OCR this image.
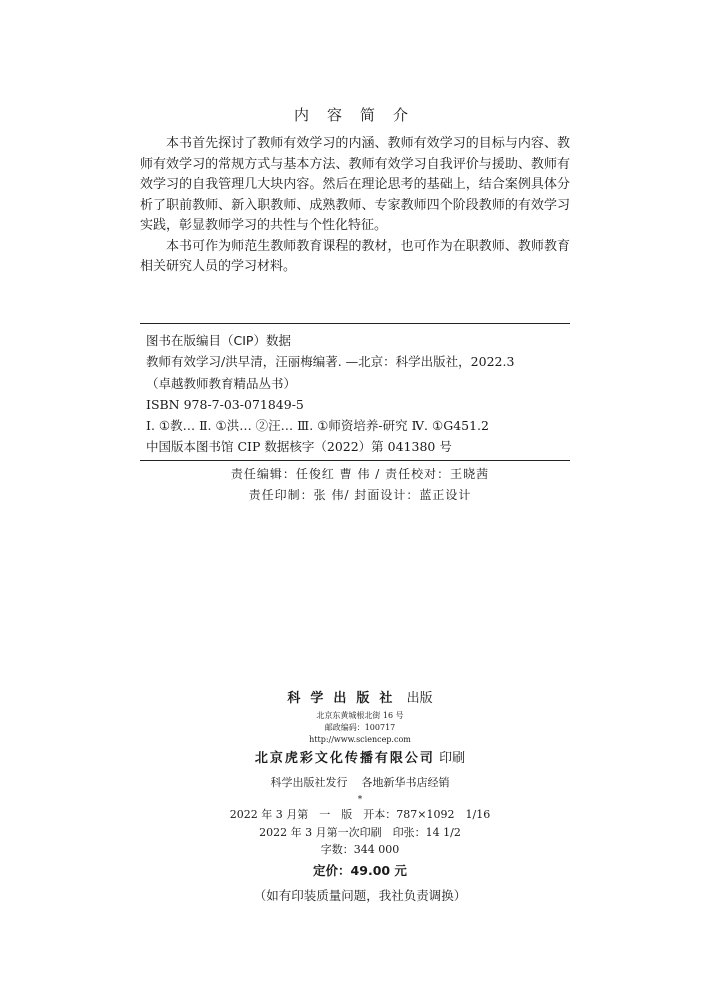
内容简介

本书首先探讨了教师有效学习的内涵、教师有效学习的目标与内容、教师有效学习的常规方式与基本方法、教师有效学习自我评价与援助、教师有效学习的自我管理几大块内容。然后在理论思考的基础上，结合案例具体分析了职前教师、新入职教师、成熟教师、专家教师四个阶段教师的有效学习实践，彰显教师学习的共性与个性化特征。

本书可作为师范生教师教育课程的教材，也可作为在职教师、教师教育相关研究人员的学习材料。

图书在版编目（CIP）数据
教师有效学习/洪早清，汪丽梅编著. —北京：科学出版社，2022.3
（卓越教师教育精品丛书）
ISBN 978-7-03-071849-5
Ⅰ. ①教… Ⅱ. ①洪… ②汪… Ⅲ. ①师资培养-研究 Ⅳ. ①G451.2
中国版本图书馆 CIP 数据核字（2022）第 041380 号
责任编辑：任俊红 曹 伟 / 责任校对：王晓茜
责任印制：张 伟/ 封面设计：蓝正设计
科学出版社 出版
北京东黄城根北街 16 号
邮政编码：100717
http://www.sciencep.com
北京虎彩文化传播有限公司 印刷
科学出版社发行 各地新华书店经销
*
2022 年 3 月第　一　版　开本：787×1092　1/16
2022 年 3 月第一次印刷　印张：14 1/2
字数：344 000
定价：49.00 元
（如有印装质量问题，我社负责调换）
